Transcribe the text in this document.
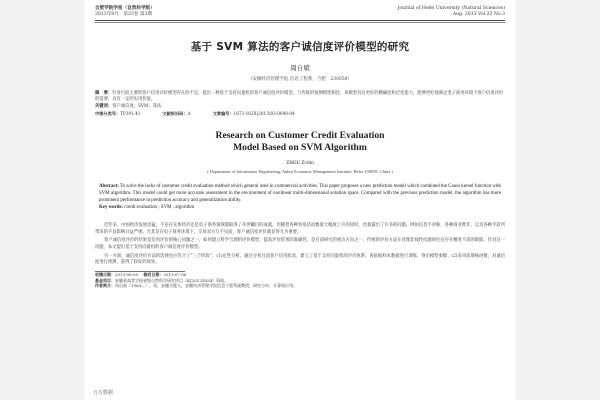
合肥学院学报（自然科学版）
2013年8月　第23卷 第3期
Journal of Hefei University (Natural Sciences)
Aug. 2013 Vol.23 No.3
基于 SVM 算法的客户诚信度评价模型的研究
周自斌
（安徽经济管理学院 信息工程系，合肥　230059）

摘　要：针对目前主要的客户信用评价模型存在的不足，提出一种基于支持向量机的客户诚信度评价模型。与传统的预测模型相比，该模型具有更好的精确度和泛化能力，能够更好地满足电子商务环境下客户信用评价的需要，具有一定的实用价值。

关键词：客户诚信度；SVM；算法

中图分类号：TP391.41	文献标识码：A	文章编号：1673-162X(2013)03-0048-04
Research on Customer Credit Evaluation
Model Based on SVM Algorithm
ZHOU Zi-bin
( Department of Information Engineering, Anhui Economic Management Institute, Hefei 230059, China )

Abstract: To solve the lacks of customer credit evaluation method which general used in commercial activities, This paper proposes a new prediction model which combined the Gauss kernel function with SVM algorithm. This model could get more accurate assessment in the environment of nonlinear multi-dimensional solution space. Compared with the previous prediction model, the algorithm has more prominent performance in prediction accuracy and generalization ability.

Key words: credit evaluation ; SVM ; algorithm

近年来，中国经济发展迅猛，不论在实体经济还是电子商务领域都取得了举世瞩目的成就，但随着各种贸易活动数量大幅度上升的同时，也暴露出了许多的问题，例如信息不对称、各种商业欺诈，以及各种手段所带来的不良影响日益严重。尤其是在电子商务环境下，交易双方互不见面，客户诚信度评价就显得尤为重要。

客户诚信度评价的结果是信用评价的核心问题之一，如何建立科学合理的评价模型，提高评价结果的准确性，是目前研究的重点方向之一，传统的评价方法在处理非线性问题时往往存在精度不高的缺陷，针对这一问题，本文提出基于支持向量机的客户诚信度评价模型。

另一方面，诚信度评价方法的选择也应符合了“三个阶段”，(1)定性分析，通过分析目前客户信用状况，建立了基于支持向量机的评价体系，再依据样本数据进行训练，得出模型参数；(2)采用高斯核函数，对诚信度进行预测，获得了较好的效果。

收稿日期：2013-06-05　 修回日期：2013-07-06

基金项目：安徽省高等学校省级自然科学研究项目（KJ2012Z054）资助。

作者简介：周自斌（1963—），男，安徽合肥人，安徽经济管理学院信息工程系副教授，研究方向：计算机应用。

万方数据
